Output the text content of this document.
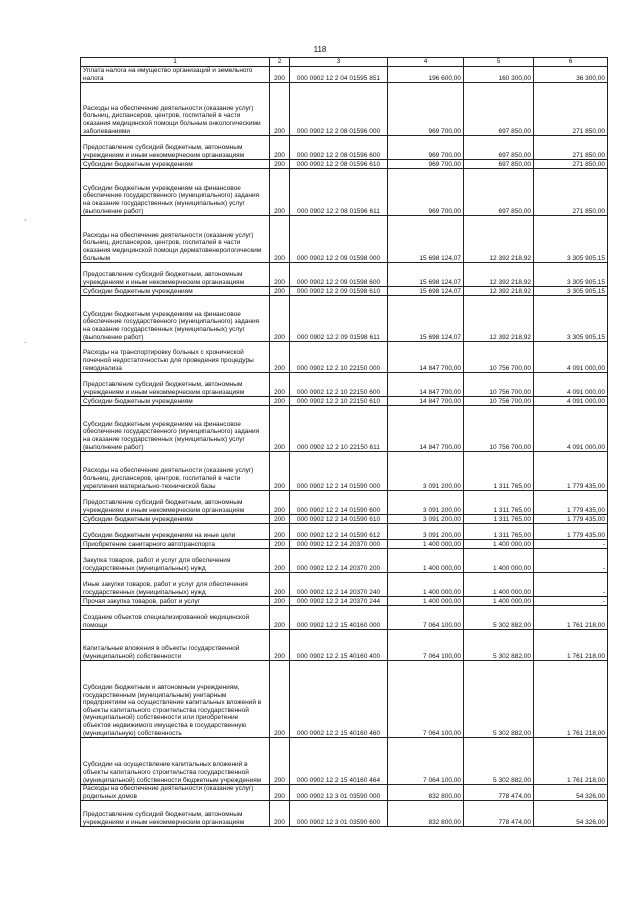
118
1	2	3	4	5	6
Уплата налога на имущество организаций и земельного налога	200	000 0902 12 2 04 01595 851	196 600,00	160 300,00	36 300,00
Расходы на обеспечение деятельности (оказание услуг) больниц, диспансеров, центров, госпиталей в части оказания медицинской помощи больным онкологическими заболеваниями	200	000 0902 12 2 08 01596 000	969 700,00	697 850,00	271 850,00
Предоставление субсидий бюджетным, автономным учреждениям и иным некоммерческим организациям	200	000 0902 12 2 08 01596 600	969 700,00	697 850,00	271 850,00
Субсидии бюджетным учреждениям	200	000 0902 12 2 08 01596 610	969 700,00	697 850,00	271 850,00
Субсидии бюджетным учреждениям на финансовое обеспечение государственного (муниципального) задания на оказание государственных (муниципальных) услуг (выполнение работ)	200	000 0902 12 2 08 01596 611	969 700,00	697 850,00	271 850,00
Расходы на обеспечение деятельности (оказание услуг) больниц, диспансеров, центров, госпиталей в части оказания медицинской помощи дерматовенерологическим больным	200	000 0902 12 2 09 01598 000	15 698 124,07	12 392 218,92	3 305 905,15
Предоставление субсидий бюджетным, автономным учреждениям и иным некоммерческим организациям	200	000 0902 12 2 09 01598 600	15 698 124,07	12 392 218,92	3 305 905,15
Субсидии бюджетным учреждениям	200	000 0902 12 2 09 01598 610	15 698 124,07	12 392 218,92	3 305 905,15
Субсидии бюджетным учреждениям на финансовое обеспечение государственного (муниципального) задания на оказание государственных (муниципальных) услуг (выполнение работ)	200	000 0902 12 2 09 01598 611	15 698 124,07	12 392 218,92	3 305 905,15
Расходы на транспортировку больных с хронической почечной недостаточностью для проведения процедуры гемодиализа	200	000 0902 12 2 10 22150 000	14 847 700,00	10 756 700,00	4 091 000,00
Предоставление субсидий бюджетным, автономным учреждениям и иным некоммерческим организациям	200	000 0902 12 2 10 22150 600	14 847 700,00	10 756 700,00	4 091 000,00
Субсидии бюджетным учреждениям	200	000 0902 12 2 10 22150 610	14 847 700,00	10 756 700,00	4 091 000,00
Субсидии бюджетным учреждениям на финансовое обеспечение государственного (муниципального) задания на оказание государственных (муниципальных) услуг (выполнение работ)	200	000 0902 12 2 10 22150 611	14 847 700,00	10 756 700,00	4 091 000,00
Расходы на обеспечение деятельности (оказание услуг) больниц, диспансеров, центров, госпиталей в части укрепления материально-технической базы	200	000 0902 12 2 14 01590 000	3 091 200,00	1 311 765,00	1 779 435,00
Предоставление субсидий бюджетным, автономным учреждениям и иным некоммерческим организациям	200	000 0902 12 2 14 01590 600	3 091 200,00	1 311 765,00	1 779 435,00
Субсидии бюджетным учреждениям	200	000 0902 12 2 14 01590 610	3 091 200,00	1 311 765,00	1 779 435,00
Субсидии бюджетным учреждениям на иные цели	200	000 0902 12 2 14 01590 612	3 091 200,00	1 311 765,00	1 779 435,00
Приобретение санитарного автотранспорта	200	000 0902 12 2 14 20370 000	1 400 000,00	1 400 000,00	-
Закупка товаров, работ и услуг для обеспечения государственных (муниципальных) нужд	200	000 0902 12 2 14 20370 200	1 400 000,00	1 400 000,00	-
Иные закупки товаров, работ и услуг для обеспечения государственных (муниципальных) нужд	200	000 0902 12 2 14 20370 240	1 400 000,00	1 400 000,00	-
Прочая закупка товаров, работ и услуг	200	000 0902 12 2 14 20370 244	1 400 000,00	1 400 000,00	-
Создание объектов специализированной медицинской помощи	200	000 0902 12 2 15 40160 000	7 064 100,00	5 302 882,00	1 761 218,00
Капитальные вложения в объекты государственной (муниципальной) собственности	200	000 0902 12 2 15 40160 400	7 064 100,00	5 302 882,00	1 761 218,00
Субсидии бюджетным и автономным учреждениям, государственным (муниципальным) унитарным предприятиям на осуществление капитальных вложений в объекты капитального строительства государственной (муниципальной) собственности или приобретение объектов недвижимого имущества в государственную (муниципальную) собственность	200	000 0902 12 2 15 40160 460	7 064 100,00	5 302 882,00	1 761 218,00
Субсидии на осуществление капитальных вложений в объекты капитального строительства государственной (муниципальной) собственности бюджетным учреждениям	200	000 0902 12 2 15 40160 464	7 064 100,00	5 302 882,00	1 761 218,00
Расходы на обеспечение деятельности (оказание услуг) родильных домов	200	000 0902 12 3 01 03590 000	832 800,00	778 474,00	54 326,00
Предоставление субсидий бюджетным, автономным учреждениям и иным некоммерческим организациям	200	000 0902 12 3 01 03590 600	832 800,00	778 474,00	54 326,00
,
.
